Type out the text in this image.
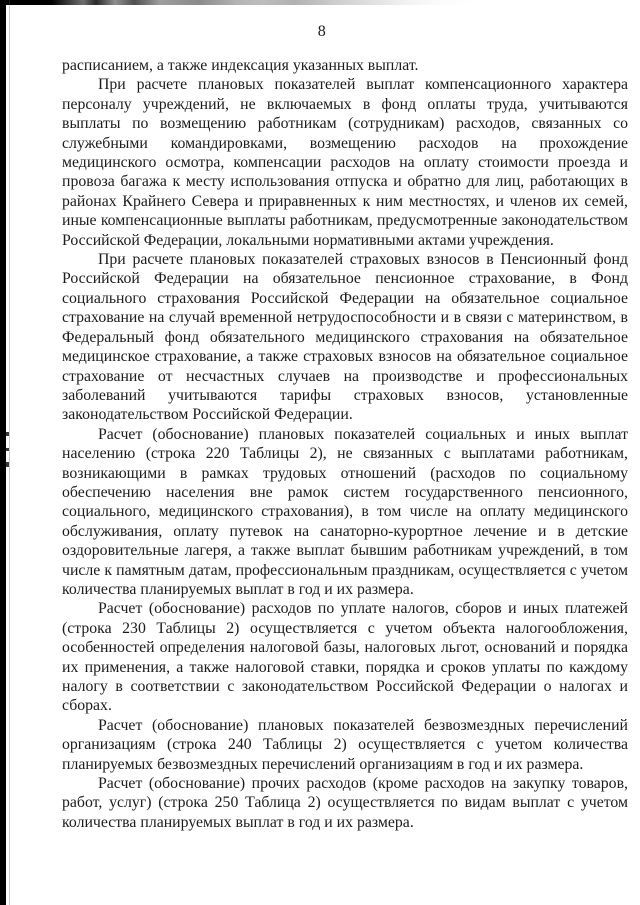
8

расписанием, а также индексация указанных выплат.

При расчете плановых показателей выплат компенсационного характера персоналу учреждений, не включаемых в фонд оплаты труда, учитываются выплаты по возмещению работникам (сотрудникам) расходов, связанных со служебными командировками, возмещению расходов на прохождение медицинского осмотра, компенсации расходов на оплату стоимости проезда и провоза багажа к месту использования отпуска и обратно для лиц, работающих в районах Крайнего Севера и приравненных к ним местностях, и членов их семей, иные компенсационные выплаты работникам, предусмотренные законодательством Российской Федерации, локальными нормативными актами учреждения.

При расчете плановых показателей страховых взносов в Пенсионный фонд Российской Федерации на обязательное пенсионное страхование, в Фонд социального страхования Российской Федерации на обязательное социальное страхование на случай временной нетрудоспособности и в связи с материнством, в Федеральный фонд обязательного медицинского страхования на обязательное медицинское страхование, а также страховых взносов на обязательное социальное страхование от несчастных случаев на производстве и профессиональных заболеваний учитываются тарифы страховых взносов, установленные законодательством Российской Федерации.

Расчет (обоснование) плановых показателей социальных и иных выплат населению (строка 220 Таблицы 2), не связанных с выплатами работникам, возникающими в рамках трудовых отношений (расходов по социальному обеспечению населения вне рамок систем государственного пенсионного, социального, медицинского страхования), в том числе на оплату медицинского обслуживания, оплату путевок на санаторно-курортное лечение и в детские оздоровительные лагеря, а также выплат бывшим работникам учреждений, в том числе к памятным датам, профессиональным праздникам, осуществляется с учетом количества планируемых выплат в год и их размера.

Расчет (обоснование) расходов по уплате налогов, сборов и иных платежей (строка 230 Таблицы 2) осуществляется с учетом объекта налогообложения, особенностей определения налоговой базы, налоговых льгот, оснований и порядка их применения, а также налоговой ставки, порядка и сроков уплаты по каждому налогу в соответствии с законодательством Российской Федерации о налогах и сборах.

Расчет (обоснование) плановых показателей безвозмездных перечислений организациям (строка 240 Таблицы 2) осуществляется с учетом количества планируемых безвозмездных перечислений организациям в год и их размера.

Расчет (обоснование) прочих расходов (кроме расходов на закупку товаров, работ, услуг) (строка 250 Таблица 2) осуществляется по видам выплат с учетом количества планируемых выплат в год и их размера.
